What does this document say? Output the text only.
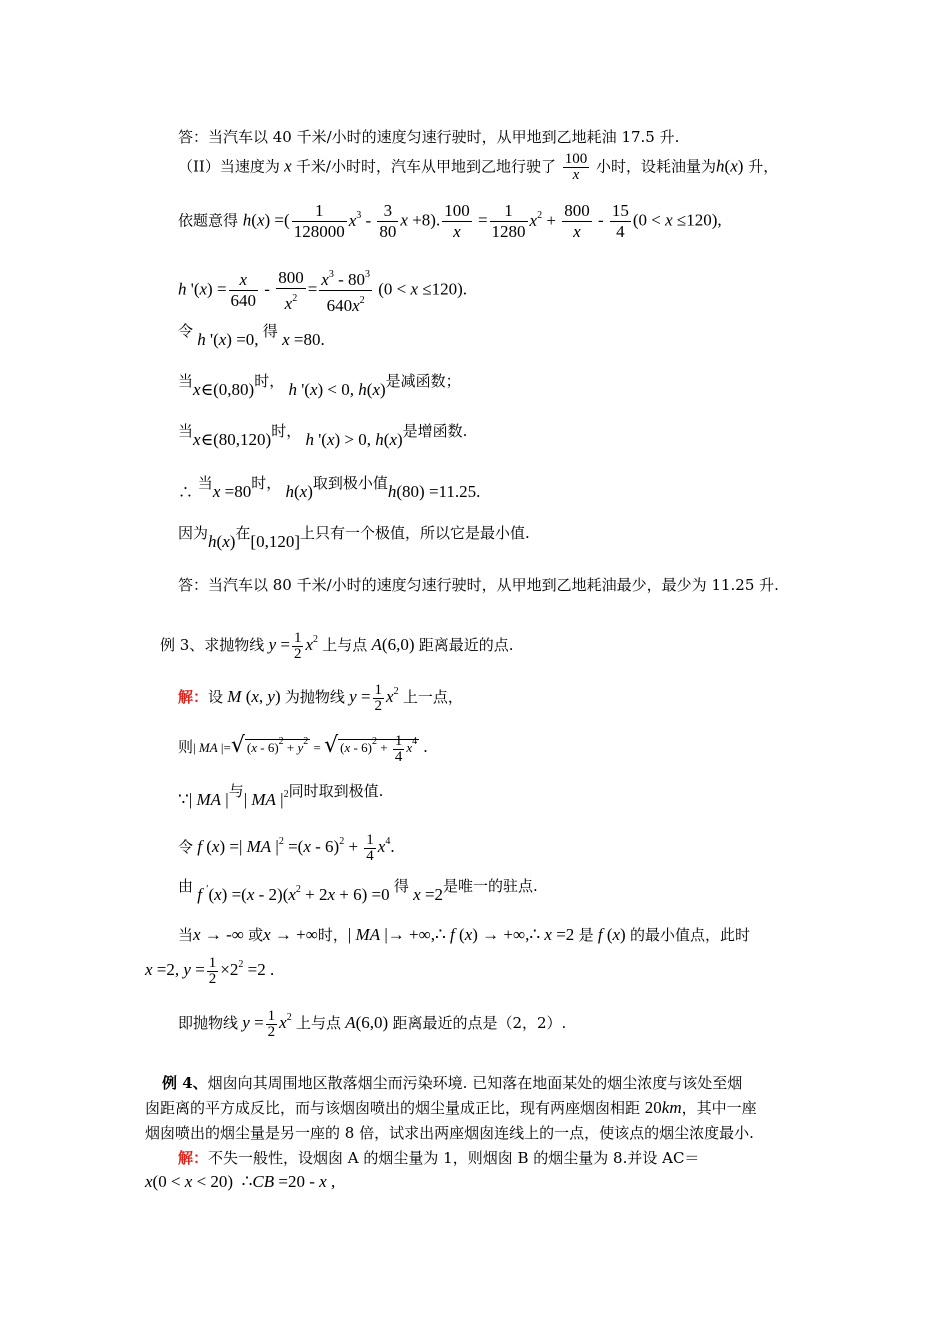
答：当汽车以 40 千米/小时的速度匀速行驶时，从甲地到乙地耗油 17.5 升.
（II）当速度为 x 千米/小时时，汽车从甲地到乙地行驶了 $\frac{100}{x}$ 小时，设耗油量为h(x) 升，
依题意得 h(x) =( $\frac{1}{128000} x^3 - \frac{3}{80}$ x +8). $\frac{100}{x} = \frac{1}{1280} x^2 + \frac{800}{x} - \frac{15}{4} (0 < x \le 120)$,
h '$(x) = \frac{x}{640} - \frac{800}{x^2} = \frac{x^3 - 80^3}{640x^2} (0 < x \le 120)$.
令 h '(x) =0, 得 x =80.
当x∈(0,80)时， h '(x) < 0, h(x)是减函数；
当x∈(80,120)时， h '(x) > 0, h(x)是增函数.
∴ 当x =80时， h(x)取到极小值h(80) =11.25.
因为h(x)在[0,120]上只有一个极值，所以它是最小值.
答：当汽车以 80 千米/小时的速度匀速行驶时，从甲地到乙地耗油最少，最少为 11.25 升.
例 3、求抛物线 $y = \frac{1}{2} x^2$ 上与点 A(6,0) 距离最近的点.
解：设 M (x, y) 为抛物线 $y = \frac{1}{2} x^2$ 上一点，
则| MA |=√ $(x - 6)^2 + y^2$ = √ $(x - 6)^2 + \frac{1}{4} x^4$ .
∵| MA |与| MA $|^2$同时取到极值.
令 f (x) =| MA $|^2 =(x - 6)^2 + \frac{1}{4} x^4$.
由 f $'(x) =(x - 2)(x^2 + 2x + 6) =0$ 得 x =2是唯一的驻点.
当x → -∞ 或x → +∞时，| MA |→ +∞,∴ f (x) → +∞,∴ x =2 是 f (x) 的最小值点，此时
x =2, $y = \frac{1}{2} \times 2^2 =2$ .
即抛物线 $y = \frac{1}{2} x^2$ 上与点 A(6,0) 距离最近的点是（2，2）.
例 4、烟囱向其周围地区散落烟尘而污染环境. 已知落在地面某处的烟尘浓度与该处至烟
囱距离的平方成反比，而与该烟囱喷出的烟尘量成正比，现有两座烟囱相距 20km，其中一座
烟囱喷出的烟尘量是另一座的 8 倍，试求出两座烟囱连线上的一点，使该点的烟尘浓度最小.
解：不失一般性，设烟囱 A 的烟尘量为 1，则烟囱 B 的烟尘量为 8.并设 AC＝
x(0 < x < 20)  ∴CB =20 - x ,
